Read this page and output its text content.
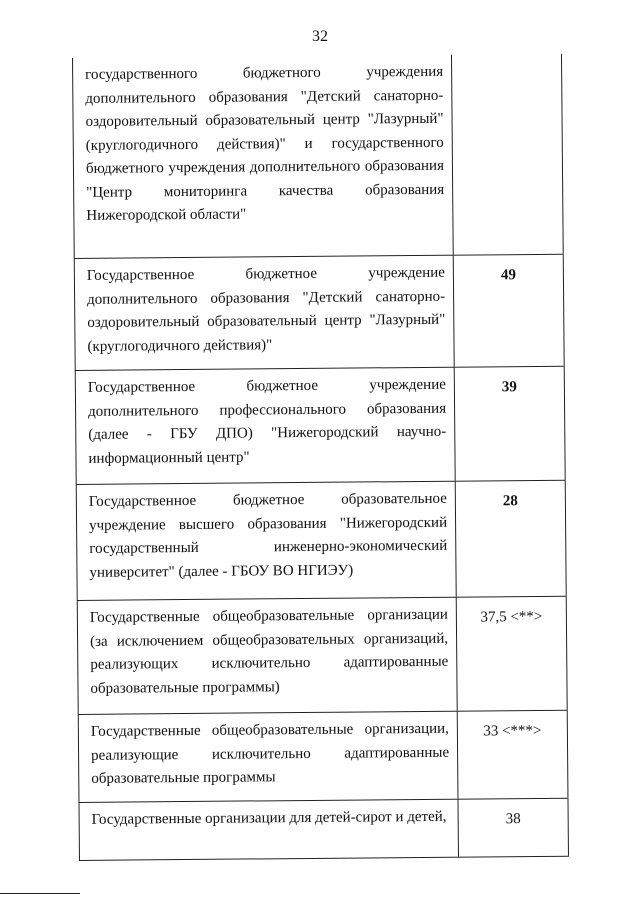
32
государственного бюджетного учреждения дополнительного образования "Детский санаторно-оздоровительный образовательный центр "Лазурный" (круглогодичного действия)" и государственного бюджетного учреждения дополнительного образования "Центр мониторинга качества образования Нижегородской области"
Государственное бюджетное учреждение дополнительного образования "Детский санаторно-оздоровительный образовательный центр "Лазурный" (круглогодичного действия)"
49
Государственное бюджетное учреждение дополнительного профессионального образования (далее - ГБУ ДПО) "Нижегородский научно-информационный центр"
39
Государственное бюджетное образовательное учреждение высшего образования "Нижегородский государственный инженерно-экономический университет" (далее - ГБОУ ВО НГИЭУ)
28
Государственные общеобразовательные организации (за исключением общеобразовательных организаций, реализующих исключительно адаптированные образовательные программы)
37,5 <**>
Государственные общеобразовательные организации, реализующие исключительно адаптированные образовательные программы
33 <***>
Государственные организации для детей-сирот и детей,	38
